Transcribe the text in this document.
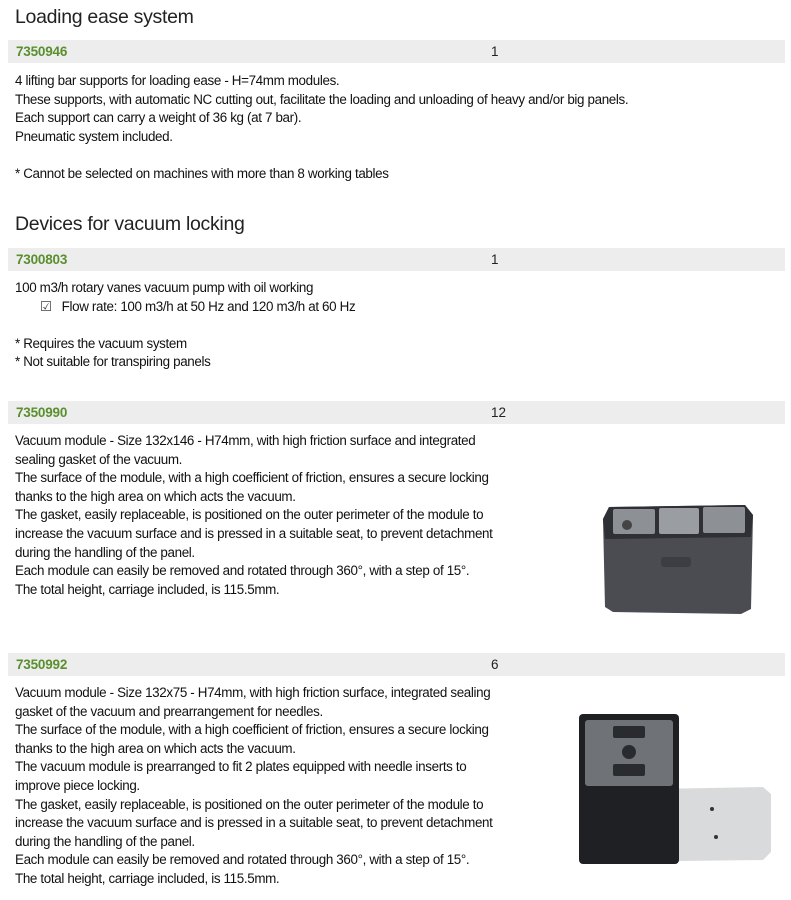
Loading ease system
7350946	1
4 lifting bar supports for loading ease - H=74mm modules.
These supports, with automatic NC cutting out, facilitate the loading and unloading of heavy and/or big panels.
Each support can carry a weight of 36 kg (at 7 bar).
Pneumatic system included.
* Cannot be selected on machines with more than 8 working tables
Devices for vacuum locking
7300803	1
100 m3/h rotary vanes vacuum pump with oil working
☑ Flow rate: 100 m3/h at 50 Hz and 120 m3/h at 60 Hz
* Requires the vacuum system
* Not suitable for transpiring panels
7350990	12
Vacuum module - Size 132x146 - H74mm, with high friction surface and integrated
sealing gasket of the vacuum.
The surface of the module, with a high coefficient of friction, ensures a secure locking
thanks to the high area on which acts the vacuum.
The gasket, easily replaceable, is positioned on the outer perimeter of the module to
increase the vacuum surface and is pressed in a suitable seat, to prevent detachment
during the handling of the panel.
Each module can easily be removed and rotated through 360°, with a step of 15°.
The total height, carriage included, is 115.5mm.
7350992	6
Vacuum module - Size 132x75 - H74mm, with high friction surface, integrated sealing
gasket of the vacuum and prearrangement for needles.
The surface of the module, with a high coefficient of friction, ensures a secure locking
thanks to the high area on which acts the vacuum.
The vacuum module is prearranged to fit 2 plates equipped with needle inserts to
improve piece locking.
The gasket, easily replaceable, is positioned on the outer perimeter of the module to
increase the vacuum surface and is pressed in a suitable seat, to prevent detachment
during the handling of the panel.
Each module can easily be removed and rotated through 360°, with a step of 15°.
The total height, carriage included, is 115.5mm.
